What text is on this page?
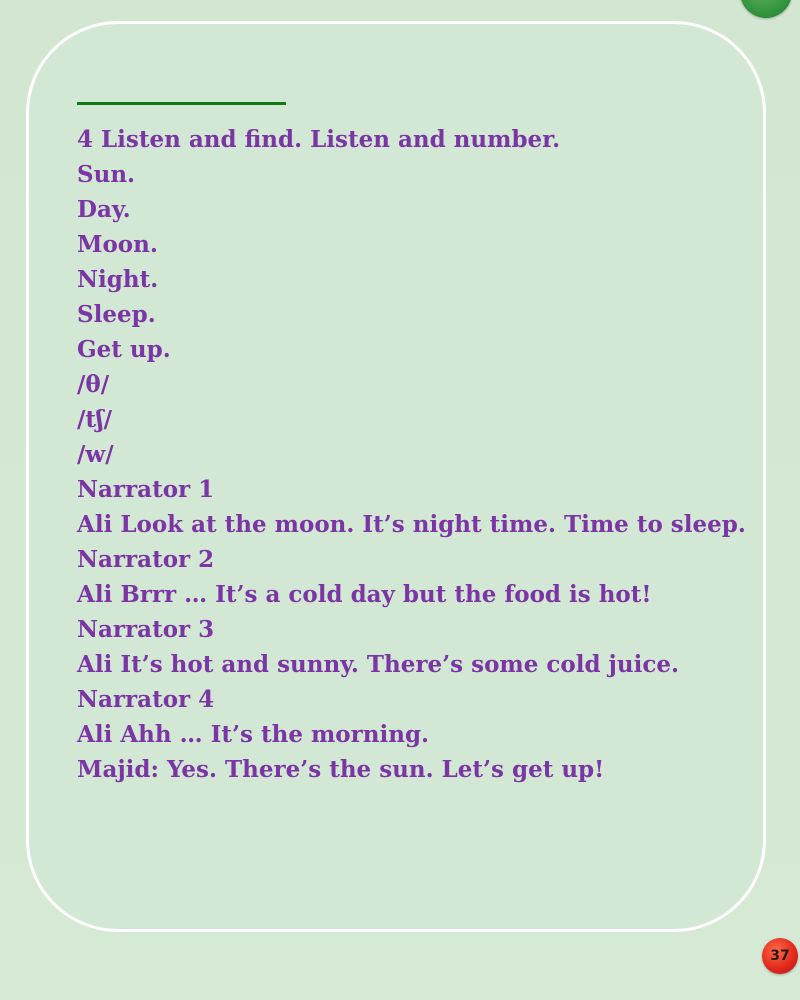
4 Listen and find. Listen and number.
Sun.
Day.
Moon.
Night.
Sleep.
Get up.
/θ/
/tʃ/
/w/
Narrator 1
Ali Look at the moon. It’s night time. Time to sleep.
Narrator 2
Ali Brrr … It’s a cold day but the food is hot!
Narrator 3
Ali It’s hot and sunny. There’s some cold juice.
Narrator 4
Ali Ahh … It’s the morning.
Majid: Yes. There’s the sun. Let’s get up!
37
